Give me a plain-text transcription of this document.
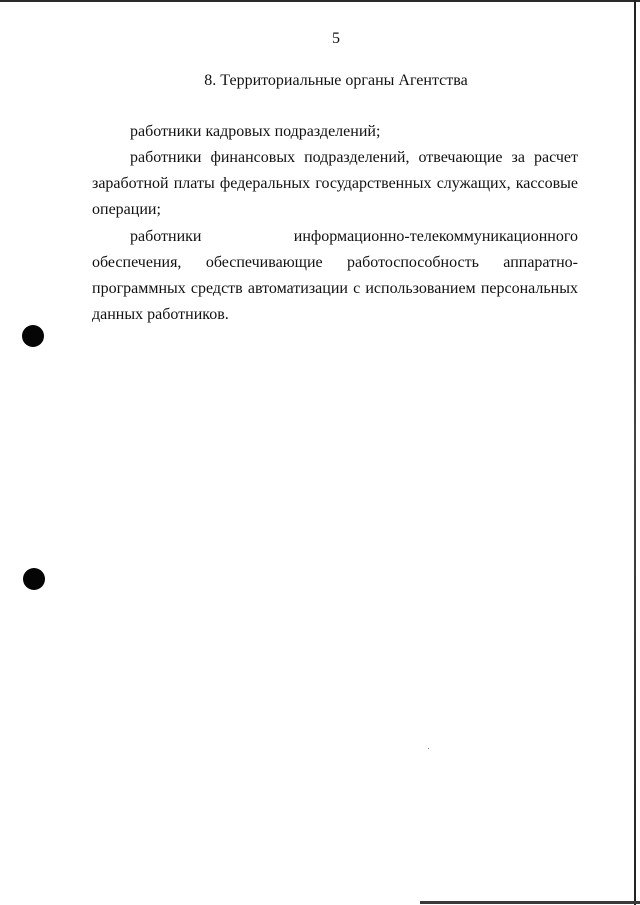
5
8. Территориальные органы Агентства

работники кадровых подразделений;

работники финансовых подразделений, отвечающие за расчет заработной платы федеральных государственных служащих, кассовые операции;

работники информационно-телекоммуникационного обеспечения, обеспечивающие работоспособность аппаратно-программных средств автоматизации с использованием персональных данных работников.
